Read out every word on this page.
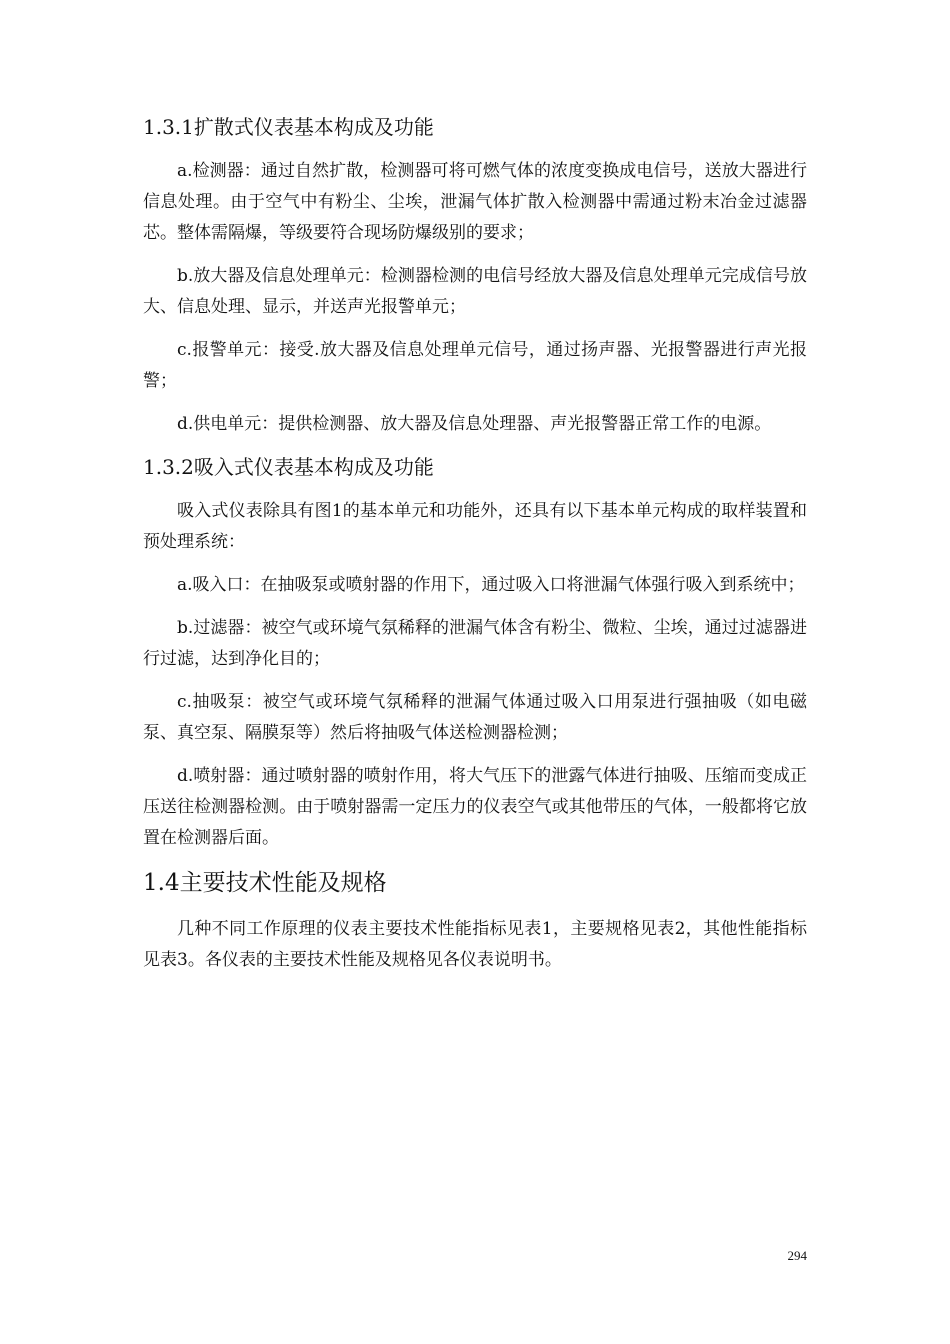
1.3.1扩散式仪表基本构成及功能

a.检测器：通过自然扩散，检测器可将可燃气体的浓度变换成电信号，送放大器进行信息处理。由于空气中有粉尘、尘埃，泄漏气体扩散入检测器中需通过粉末冶金过滤器芯。整体需隔爆，等级要符合现场防爆级别的要求；

b.放大器及信息处理单元：检测器检测的电信号经放大器及信息处理单元完成信号放大、信息处理、显示，并送声光报警单元；

c.报警单元：接受.放大器及信息处理单元信号，通过扬声器、光报警器进行声光报警；

d.供电单元：提供检测器、放大器及信息处理器、声光报警器正常工作的电源。

1.3.2吸入式仪表基本构成及功能

吸入式仪表除具有图1的基本单元和功能外，还具有以下基本单元构成的取样装置和预处理系统：

a.吸入口：在抽吸泵或喷射器的作用下，通过吸入口将泄漏气体强行吸入到系统中；

b.过滤器：被空气或环境气氛稀释的泄漏气体含有粉尘、微粒、尘埃，通过过滤器进行过滤，达到净化目的；

c.抽吸泵：被空气或环境气氛稀释的泄漏气体通过吸入口用泵进行强抽吸（如电磁泵、真空泵、隔膜泵等）然后将抽吸气体送检测器检测；

d.喷射器：通过喷射器的喷射作用，将大气压下的泄露气体进行抽吸、压缩而变成正压送往检测器检测。由于喷射器需一定压力的仪表空气或其他带压的气体，一般都将它放置在检测器后面。

1.4主要技术性能及规格

几种不同工作原理的仪表主要技术性能指标见表1，主要规格见表2，其他性能指标见表3。各仪表的主要技术性能及规格见各仪表说明书。

294
